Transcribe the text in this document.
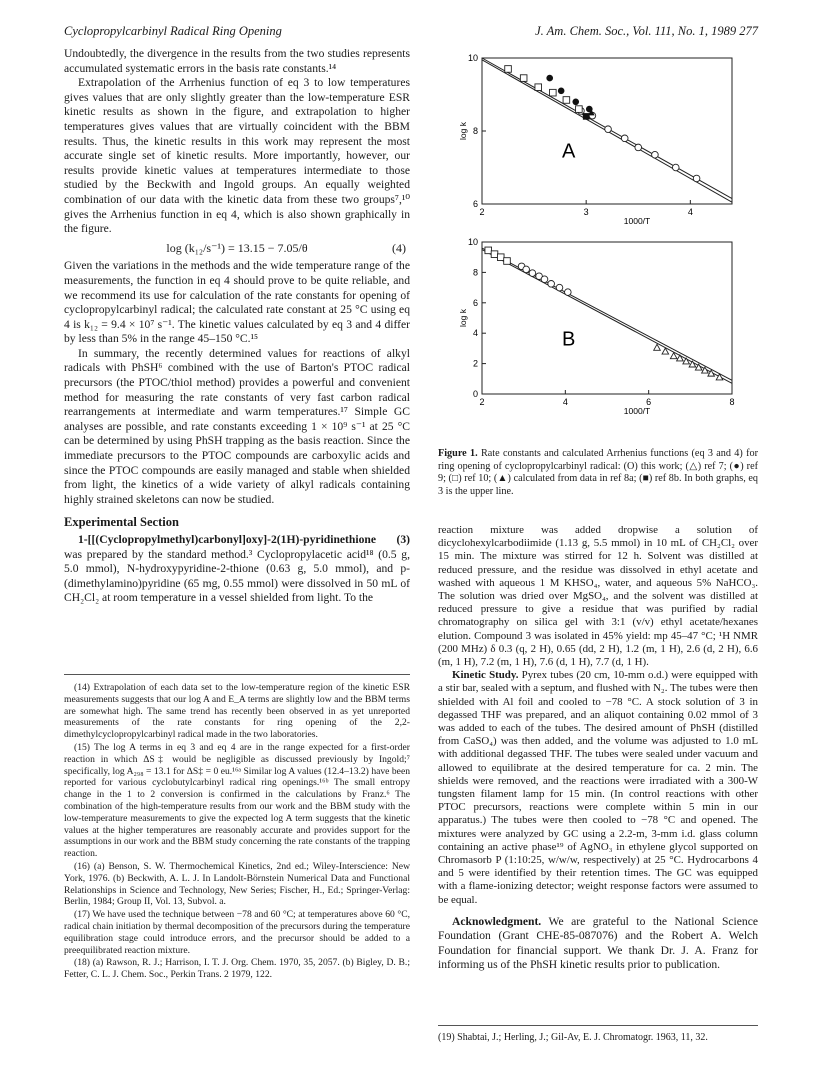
Cyclopropylcarbinyl Radical Ring Opening	J. Am. Chem. Soc., Vol. 111, No. 1, 1989 277

Undoubtedly, the divergence in the results from the two studies represents accumulated systematic errors in the basis rate constants.¹⁴

Extrapolation of the Arrhenius function of eq 3 to low temperatures gives values that are only slightly greater than the low-temperature ESR kinetic results as shown in the figure, and extrapolation to higher temperatures gives values that are virtually coincident with the BBM results. Thus, the kinetic results in this work may represent the most accurate single set of kinetic results. More importantly, however, our results provide kinetic values at temperatures intermediate to those studied by the Beckwith and Ingold groups. An equally weighted combination of our data with the kinetic data from these two groups⁷,¹⁰ gives the Arrhenius function in eq 4, which is also shown graphically in the figure.

log (k₁₂/s⁻¹) = 13.15 − 7.05/θ	(4)

Given the variations in the methods and the wide temperature range of the measurements, the function in eq 4 should prove to be quite reliable, and we recommend its use for calculation of the rate constants for opening of cyclopropylcarbinyl radical; the calculated rate constant at 25 °C using eq 4 is k₁₂ = 9.4 × 10⁷ s⁻¹. The kinetic values calculated by eq 3 and 4 differ by less than 5% in the range 45–150 °C.¹⁵

In summary, the recently determined values for reactions of alkyl radicals with PhSH⁶ combined with the use of Barton's PTOC radical precursors (the PTOC/thiol method) provides a powerful and convenient method for measuring the rate constants of very fast carbon radical rearrangements at intermediate and warm temperatures.¹⁷ Simple GC analyses are possible, and rate constants exceeding 1 × 10⁹ s⁻¹ at 25 °C can be determined by using PhSH trapping as the basis reaction. Since the immediate precursors to the PTOC compounds are carboxylic acids and since the PTOC compounds are easily managed and stable when shielded from light, the kinetics of a wide variety of alkyl radicals containing highly strained skeletons can now be studied.

Experimental Section

1-[[(Cyclopropylmethyl)carbonyl]oxy]-2(1H)-pyridinethione (3) was prepared by the standard method.³ Cyclopropylacetic acid¹⁸ (0.5 g, 5.0 mmol), N-hydroxypyridine-2-thione (0.63 g, 5.0 mmol), and p-(dimethylamino)pyridine (65 mg, 0.55 mmol) were dissolved in 50 mL of CH₂Cl₂ at room temperature in a vessel shielded from light. To the

(14) Extrapolation of each data set to the low-temperature region of the kinetic ESR measurements suggests that our log A and E_A terms are slightly low and the BBM terms are somewhat high. The same trend has recently been observed in as yet unreported measurements of the rate constants for ring opening of the 2,2-dimethylcyclopropylcarbinyl radical made in the two laboratories.

(15) The log A terms in eq 3 and eq 4 are in the range expected for a first-order reaction in which ΔS‡ would be negligible as discussed previously by Ingold;⁷ specifically, log A₂₉₈ = 13.1 for ΔS‡ = 0 eu.¹⁶ᵃ Similar log A values (12.4–13.2) have been reported for various cyclobutylcarbinyl radical ring openings.¹⁶ᵇ The small entropy change in the 1 to 2 conversion is confirmed in the calculations by Franz.⁶ The combination of the high-temperature results from our work and the BBM study with the low-temperature measurements to give the expected log A term suggests that the kinetic values at the higher temperatures are reasonably accurate and provides support for the assumptions in our work and the BBM study concerning the rate constants of the trapping reaction.

(16) (a) Benson, S. W. Thermochemical Kinetics, 2nd ed.; Wiley-Interscience: New York, 1976. (b) Beckwith, A. L. J. In Landolt-Börnstein Numerical Data and Functional Relationships in Science and Technology, New Series; Fischer, H., Ed.; Springer-Verlag: Berlin, 1984; Group II, Vol. 13, Subvol. a.

(17) We have used the technique between −78 and 60 °C; at temperatures above 60 °C, radical chain initiation by thermal decomposition of the precursors during the temperature equilibration stage could introduce errors, and the precursor should be added to a preequilibrated reaction mixture.

(18) (a) Rawson, R. J.; Harrison, I. T. J. Org. Chem. 1970, 35, 2057. (b) Bigley, D. B.; Fetter, C. L. J. Chem. Soc., Perkin Trans. 2 1979, 122.

2	3	4
6
8
10
1000/T
log k
A
2	4	6	8
0
2
4
6
8
10
1000/T
log k
B
Figure 1. Rate constants and calculated Arrhenius functions (eq 3 and 4) for ring opening of cyclopropylcarbinyl radical: (O) this work; (△) ref 7; (●) ref 9; (□) ref 10; (▲) calculated from data in ref 8a; (■) ref 8b. In both graphs, eq 3 is the upper line.

reaction mixture was added dropwise a solution of dicyclohexylcarbodiimide (1.13 g, 5.5 mmol) in 10 mL of CH₂Cl₂ over 15 min. The mixture was stirred for 12 h. Solvent was distilled at reduced pressure, and the residue was dissolved in ethyl acetate and washed with aqueous 1 M KHSO₄, water, and aqueous 5% NaHCO₃. The solution was dried over MgSO₄, and the solvent was distilled at reduced pressure to give a residue that was purified by radial chromatography on silica gel with 3:1 (v/v) ethyl acetate/hexanes elution. Compound 3 was isolated in 45% yield: mp 45–47 °C; ¹H NMR (200 MHz) δ 0.3 (q, 2 H), 0.65 (dd, 2 H), 1.2 (m, 1 H), 2.6 (d, 2 H), 6.6 (m, 1 H), 7.2 (m, 1 H), 7.6 (d, 1 H), 7.7 (d, 1 H).

Kinetic Study. Pyrex tubes (20 cm, 10-mm o.d.) were equipped with a stir bar, sealed with a septum, and flushed with N₂. The tubes were then shielded with Al foil and cooled to −78 °C. A stock solution of 3 in degassed THF was prepared, and an aliquot containing 0.02 mmol of 3 was added to each of the tubes. The desired amount of PhSH (distilled from CaSO₄) was then added, and the volume was adjusted to 1.0 mL with additional degassed THF. The tubes were sealed under vacuum and allowed to equilibrate at the desired temperature for ca. 2 min. The shields were removed, and the reactions were irradiated with a 300-W tungsten filament lamp for 15 min. (In control reactions with other PTOC precursors, reactions were complete within 5 min in our apparatus.) The tubes were then cooled to −78 °C and opened. The mixtures were analyzed by GC using a 2.2-m, 3-mm i.d. glass column containing an active phase¹⁹ of AgNO₃ in ethylene glycol supported on Chromasorb P (1:10:25, w/w/w, respectively) at 25 °C. Hydrocarbons 4 and 5 were identified by their retention times. The GC was equipped with a flame-ionizing detector; weight response factors were assumed to be equal.

Acknowledgment. We are grateful to the National Science Foundation (Grant CHE-85-087076) and the Robert A. Welch Foundation for financial support. We thank Dr. J. A. Franz for informing us of the PhSH kinetic results prior to publication.

(19) Shabtai, J.; Herling, J.; Gil-Av, E. J. Chromatogr. 1963, 11, 32.
